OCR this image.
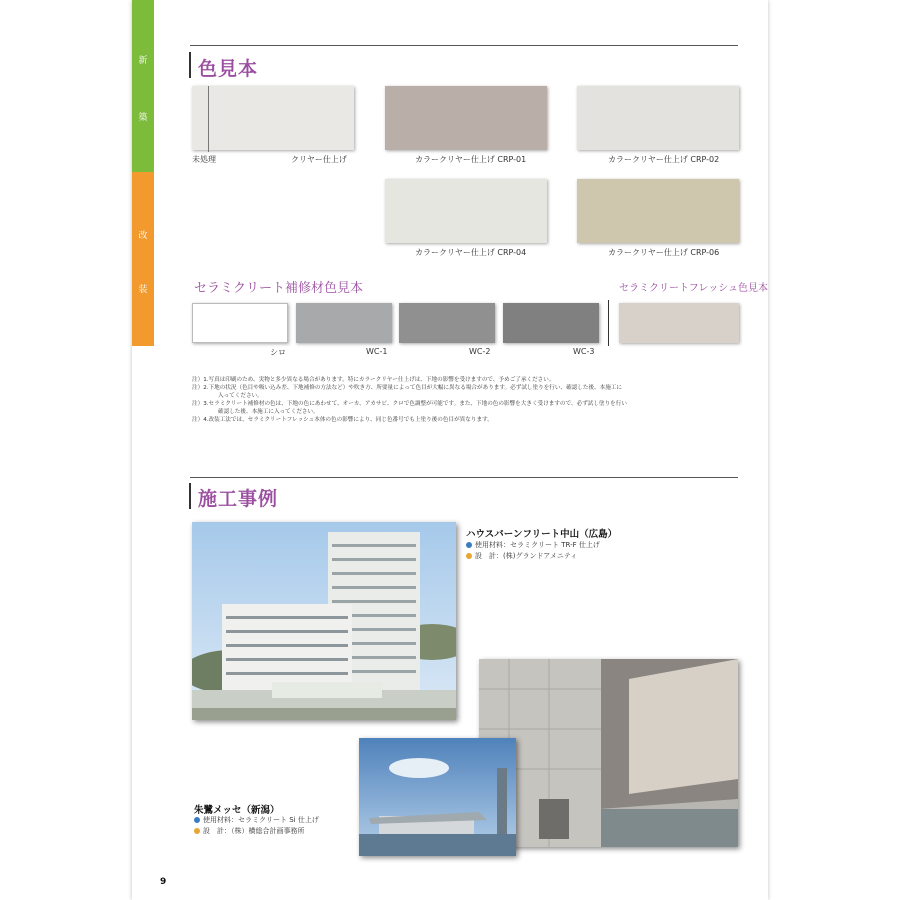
新
築
改
装
色見本
未処理	クリヤー仕上げ	カラークリヤー仕上げ CRP-01	カラークリヤー仕上げ CRP-02
カラークリヤー仕上げ CRP-04	カラークリヤー仕上げ CRP-06
セラミクリート補修材色見本	セラミクリートフレッシュ色見本
シロ	WC-1	WC-2	WC-3
注）1.写真は印刷のため、実物と多少異なる場合があります。特にカラークリヤー仕上げは、下地の影響を受けますので、予めご了承ください。
注）2.下地の状況（色目や吸い込み差、下地補修の方法など）や吹き方、所要量によって色目が大幅に異なる場合があります。必ず試し塗りを行い、確認した後、本施工に
入ってください。
注）3.セラミクリート補修材の色は、下地の色にあわせて、オーカ、アカサビ、クロで色調整が可能です。また、下地の色の影響を大きく受けますので、必ず試し塗りを行い
確認した後、本施工に入ってください。
注）4.改装工法では、セラミクリートフレッシュ本体の色の影響により、同じ色番号でも上塗り後の色目が異なります。
施工事例
ハウスバーンフリート中山（広島）
使用材料：セラミクリート TR-F 仕上げ
設　計：(株)グランドアメニティ
朱鷺メッセ（新潟）
使用材料：セラミクリート Si 仕上げ
設　計：（株）横総合計画事務所
9
